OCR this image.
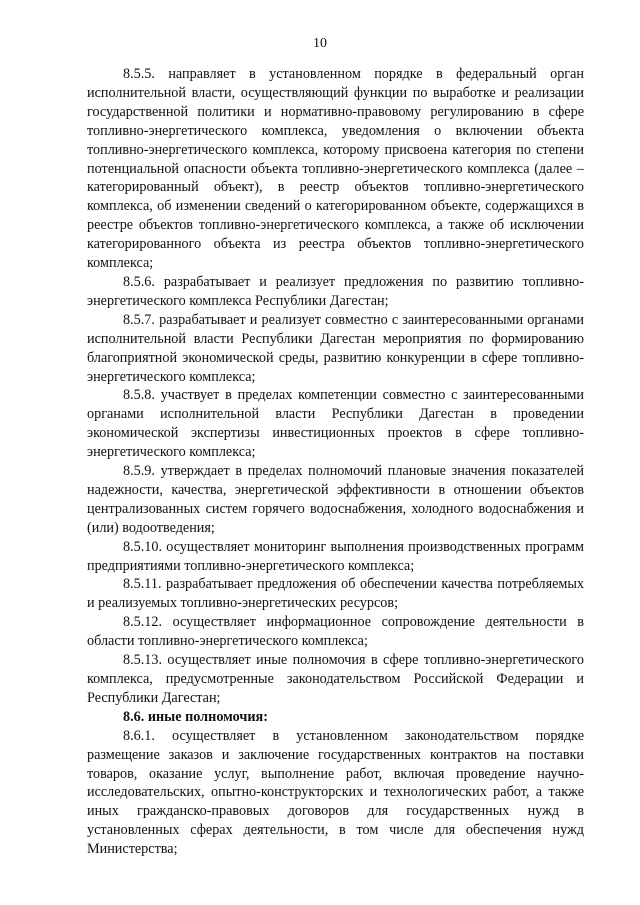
10

8.5.5. направляет в установленном порядке в федеральный орган исполнительной власти, осуществляющий функции по выработке и реализации государственной политики и нормативно-правовому регулированию в сфере топливно-энергетического комплекса, уведомления о включении объекта топливно-энергетического комплекса, которому присвоена категория по степени потенциальной опасности объекта топливно-энергетического комплекса (далее – категорированный объект), в реестр объектов топливно-энергетического комплекса, об изменении сведений о категорированном объекте, содержащихся в реестре объектов топливно-энергетического комплекса, а также об исключении категорированного объекта из реестра объектов топливно-энергетического комплекса;

8.5.6. разрабатывает и реализует предложения по развитию топливно-энергетического комплекса Республики Дагестан;

8.5.7. разрабатывает и реализует совместно с заинтересованными органами исполнительной власти Республики Дагестан мероприятия по формированию благоприятной экономической среды, развитию конкуренции в сфере топливно-энергетического комплекса;

8.5.8. участвует в пределах компетенции совместно с заинтересованными органами исполнительной власти Республики Дагестан в проведении экономической экспертизы инвестиционных проектов в сфере топливно-энергетического комплекса;

8.5.9. утверждает в пределах полномочий плановые значения показателей надежности, качества, энергетической эффективности в отношении объектов централизованных систем горячего водоснабжения, холодного водоснабжения и (или) водоотведения;

8.5.10. осуществляет мониторинг выполнения производственных программ предприятиями топливно-энергетического комплекса;

8.5.11. разрабатывает предложения об обеспечении качества потребляемых и реализуемых топливно-энергетических ресурсов;

8.5.12. осуществляет информационное сопровождение деятельности в области топливно-энергетического комплекса;

8.5.13. осуществляет иные полномочия в сфере топливно-энергетического комплекса, предусмотренные законодательством Российской Федерации и Республики Дагестан;

8.6. иные полномочия:

8.6.1. осуществляет в установленном законодательством порядке размещение заказов и заключение государственных контрактов на поставки товаров, оказание услуг, выполнение работ, включая проведение научно-исследовательских, опытно-конструкторских и технологических работ, а также иных гражданско-правовых договоров для государственных нужд в установленных сферах деятельности, в том числе для обеспечения нужд Министерства;
